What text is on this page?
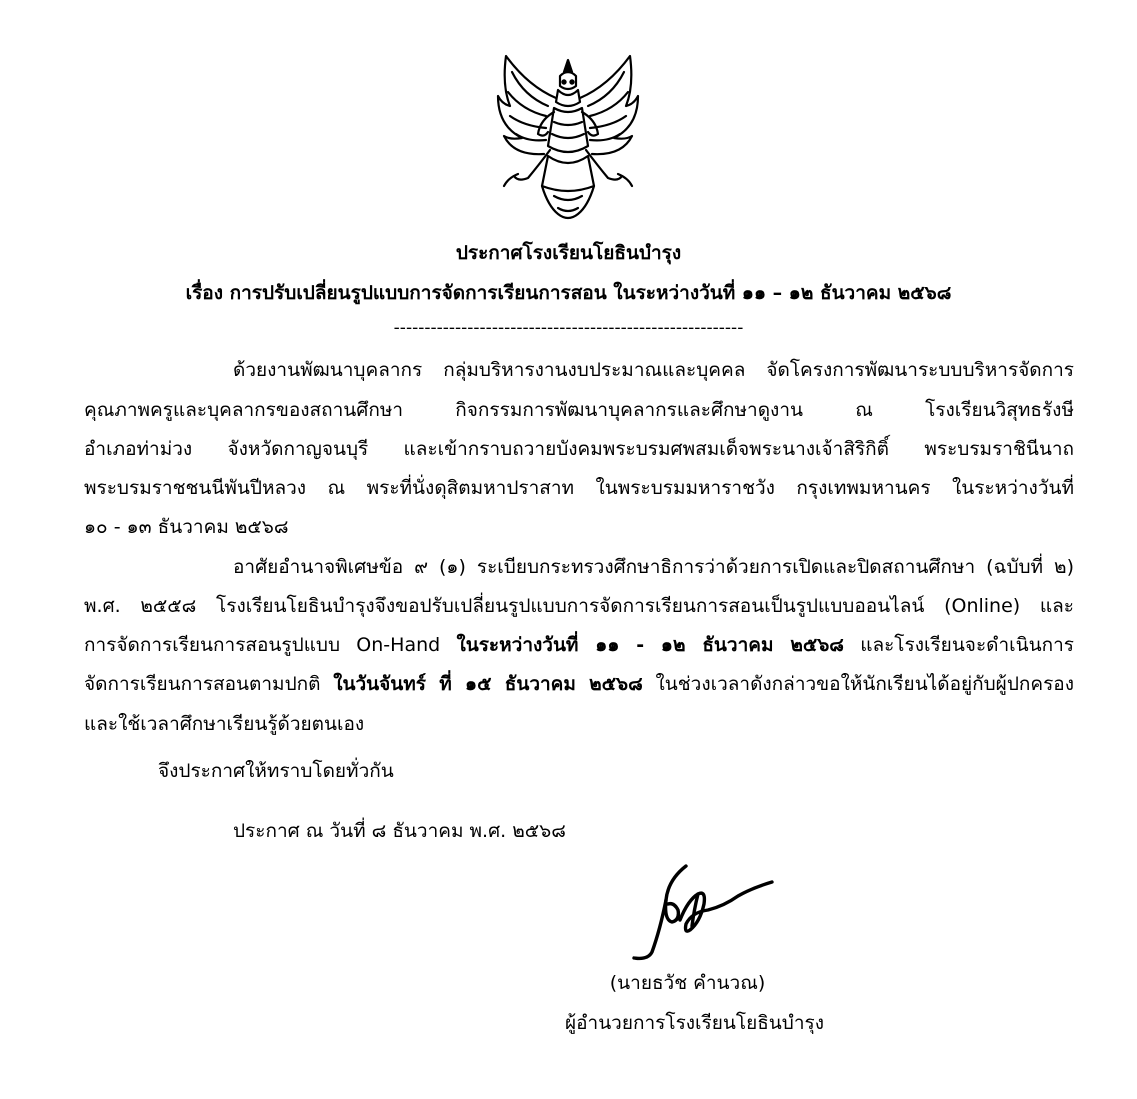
ประกาศโรงเรียนโยธินบำรุง
เรื่อง การปรับเปลี่ยนรูปแบบการจัดการเรียนการสอน ในระหว่างวันที่ ๑๑ – ๑๒ ธันวาคม ๒๕๖๘
---------------------------------------------------------
ด้วยงานพัฒนาบุคลากร กลุ่มบริหารงานงบประมาณและบุคคล จัดโครงการพัฒนาระบบบริหารจัดการ
คุณภาพครูและบุคลากรของสถานศึกษา กิจกรรมการพัฒนาบุคลากรและศึกษาดูงาน ณ โรงเรียนวิสุทธรังษี
อำเภอท่าม่วง จังหวัดกาญจนบุรี และเข้ากราบถวายบังคมพระบรมศพสมเด็จพระนางเจ้าสิริกิติ์ พระบรมราชินีนาถ
พระบรมราชชนนีพันปีหลวง ณ พระที่นั่งดุสิตมหาปราสาท ในพระบรมมหาราชวัง กรุงเทพมหานคร ในระหว่างวันที่
๑๐ - ๑๓ ธันวาคม ๒๕๖๘
อาศัยอำนาจพิเศษข้อ ๙ (๑) ระเบียบกระทรวงศึกษาธิการว่าด้วยการเปิดและปิดสถานศึกษา (ฉบับที่ ๒)
พ.ศ. ๒๕๕๘ โรงเรียนโยธินบำรุงจึงขอปรับเปลี่ยนรูปแบบการจัดการเรียนการสอนเป็นรูปแบบออนไลน์ (Online) และ
การจัดการเรียนการสอนรูปแบบ On-Hand ในระหว่างวันที่ ๑๑ - ๑๒ ธันวาคม ๒๕๖๘ และโรงเรียนจะดำเนินการ
จัดการเรียนการสอนตามปกติ ในวันจันทร์ ที่ ๑๕ ธันวาคม ๒๕๖๘ ในช่วงเวลาดังกล่าวขอให้นักเรียนได้อยู่กับผู้ปกครอง
และใช้เวลาศึกษาเรียนรู้ด้วยตนเอง
จึงประกาศให้ทราบโดยทั่วกัน
ประกาศ ณ วันที่ ๘ ธันวาคม พ.ศ. ๒๕๖๘
(นายธวัช คำนวณ)
ผู้อำนวยการโรงเรียนโยธินบำรุง
